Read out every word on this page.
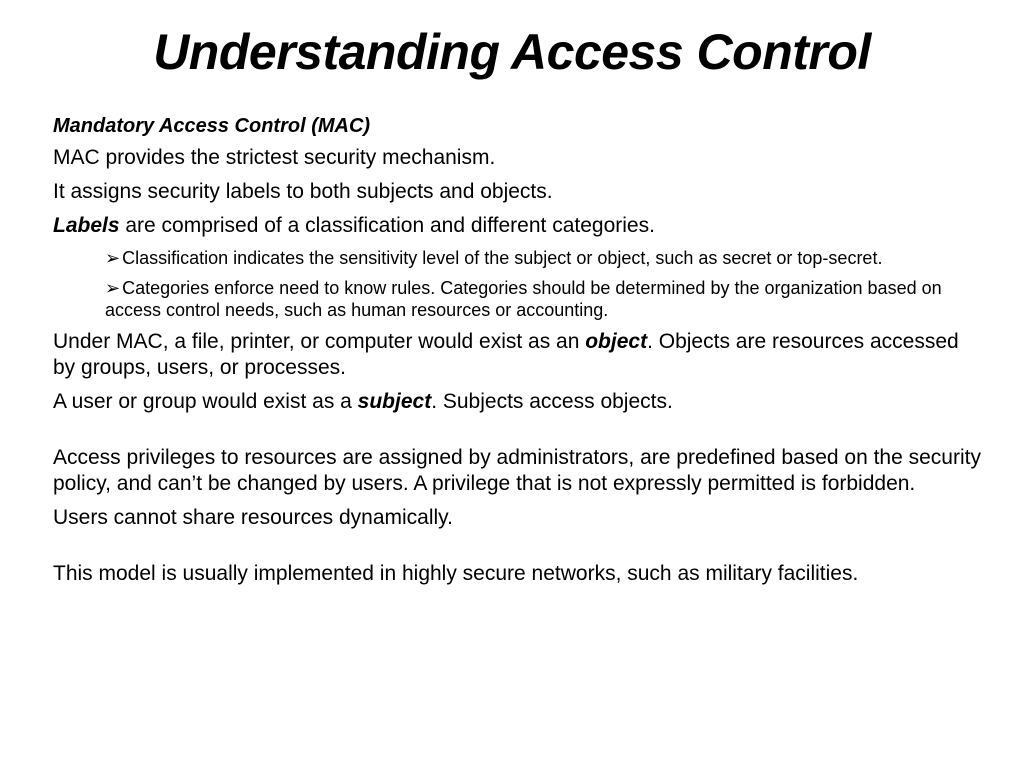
Understanding Access Control

Mandatory Access Control (MAC)

MAC provides the strictest security mechanism.

It assigns security labels to both subjects and objects.

Labels are comprised of a classification and different categories.

➢ Classification indicates the sensitivity level of the subject or object, such as secret or top-secret.

➢ Categories enforce need to know rules. Categories should be determined by the organization based on access control needs, such as human resources or accounting.

Under MAC, a file, printer, or computer would exist as an object. Objects are resources accessed by groups, users, or processes.

A user or group would exist as a subject. Subjects access objects.

Access privileges to resources are assigned by administrators, are predefined based on the security policy, and can’t be changed by users. A privilege that is not expressly permitted is forbidden.

Users cannot share resources dynamically.

This model is usually implemented in highly secure networks, such as military facilities.
